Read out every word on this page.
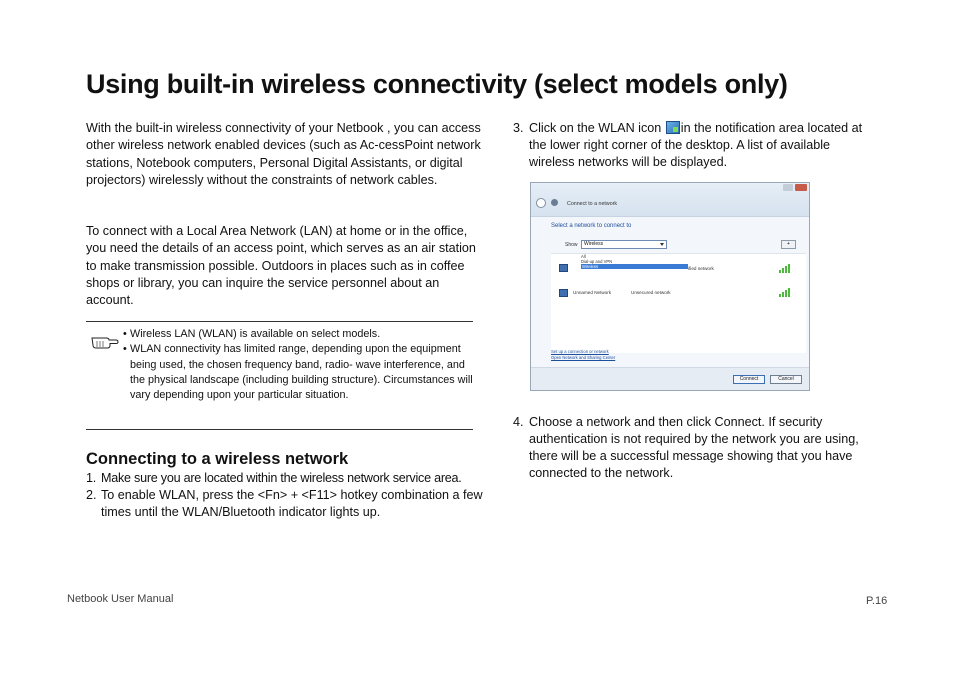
Using built-in wireless connectivity (select models only)

With the built-in wireless connectivity of your Netbook , you can access other wireless network enabled devices (such as Ac-cessPoint network stations, Notebook computers, Personal Digital Assistants, or digital projectors) wirelessly without the constraints of network cables.

To connect with a Local Area Network (LAN) at home or in the office, you need the details of an access point, which serves as an air station to make transmission possible. Outdoors in places such as in coffee shops or library, you can inquire the service personnel about an account.

• Wireless LAN (WLAN) is available on select models.
• WLAN connectivity has limited range, depending upon the equipment being used, the chosen frequency band, radio- wave interference, and the physical landscape (including building structure). Circumstances will vary depending upon your particular situation.
Connecting to a wireless network
1. Make sure you are located within the wireless network service area.
2. To enable WLAN, press the <Fn> + <F11> hotkey combination a few times until the WLAN/Bluetooth indicator lights up.
3. Click on the WLAN icon in the notification area located at the lower right corner of the desktop. A list of available wireless networks will be displayed.
Connect to a network
Select a network to connect to
Show	Wireless	+
ified network
Unnamed Network	Unsecured network
All
Dial-up and VPN
Wireless
Set up a connection or network
Open Network and Sharing Center
Connect	Cancel
4. Choose a network and then click Connect. If security authentication is not required by the network you are using, there will be a successful message showing that you have connected to the network.
Netbook User Manual	P.16
